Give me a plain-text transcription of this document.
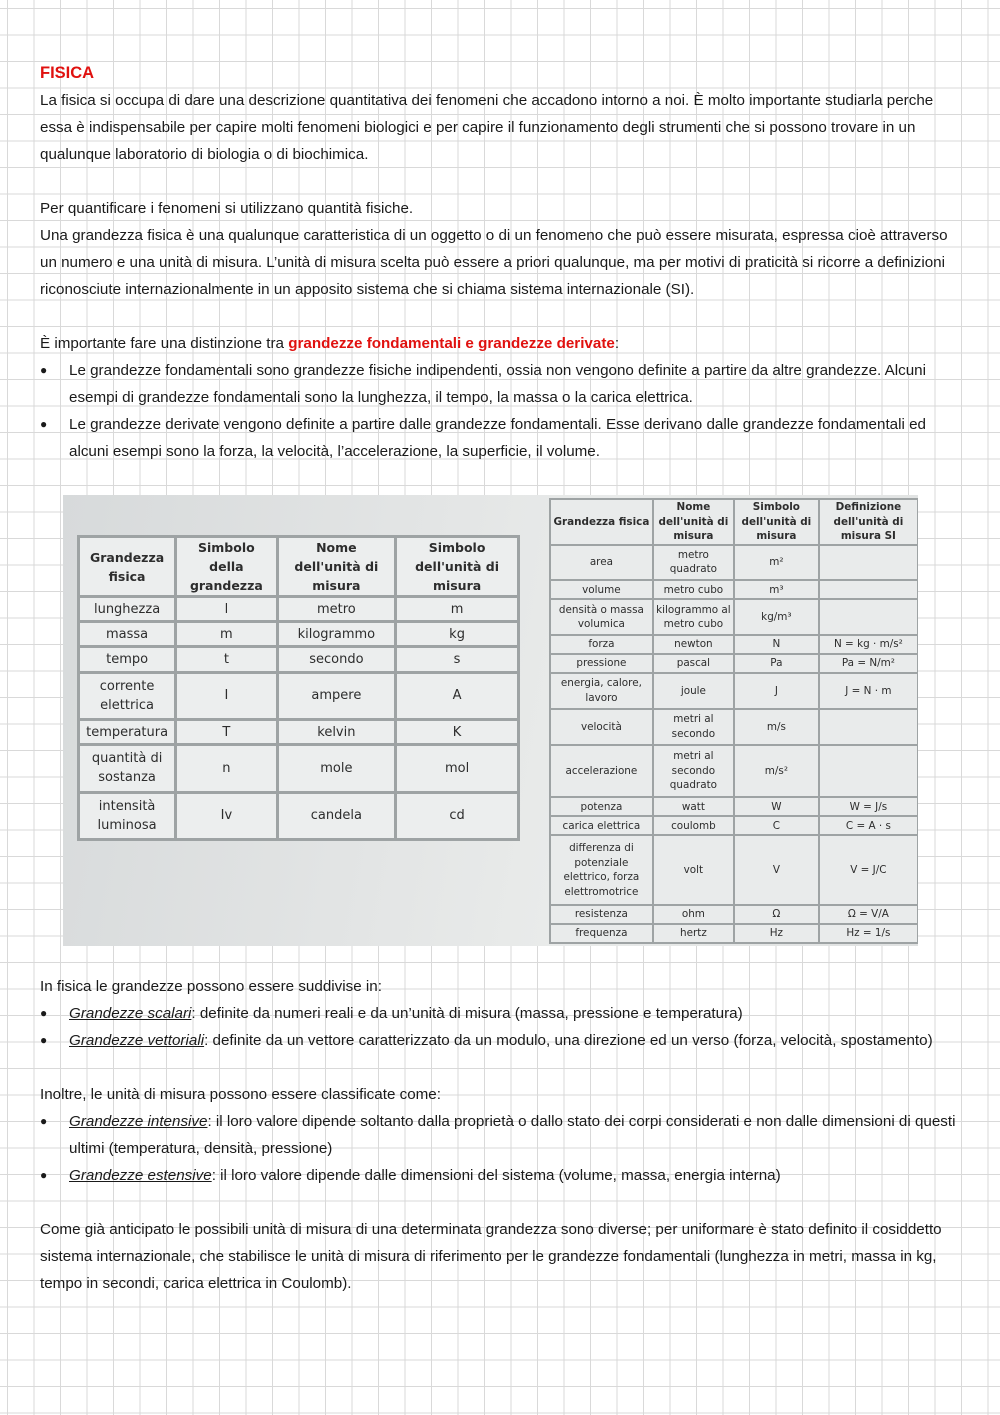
FISICA

La fisica si occupa di dare una descrizione quantitativa dei fenomeni che accadono intorno a noi. È molto importante studiarla perche essa è indispensabile per capire molti fenomeni biologici e per capire il funzionamento degli strumenti che si possono trovare in un qualunque laboratorio di biologia o di biochimica.

Per quantificare i fenomeni si utilizzano quantità fisiche.

Una grandezza fisica è una qualunque caratteristica di un oggetto o di un fenomeno che può essere misurata, espressa cioè attraverso un numero e una unità di misura. L’unità di misura scelta può essere a priori qualunque, ma per motivi di praticità si ricorre a definizioni riconosciute internazionalmente in un apposito sistema che si chiama sistema internazionale (SI).

È importante fare una distinzione tra grandezze fondamentali e grandezze derivate:

● Le grandezze fondamentali sono grandezze fisiche indipendenti, ossia non vengono definite a partire da altre grandezze. Alcuni esempi di grandezze fondamentali sono la lunghezza, il tempo, la massa o la carica elettrica.
● Le grandezze derivate vengono definite a partire dalle grandezze fondamentali. Esse derivano dalle grandezze fondamentali ed alcuni esempi sono la forza, la velocità, l’accelerazione, la superficie, il volume.
Grandezza fisica	Simbolo della grandezza	Nome dell'unità di misura	Simbolo dell'unità di misura
lunghezza	l	metro	m
massa	m	kilogrammo	kg
tempo	t	secondo	s
corrente elettrica	I	ampere	A
temperatura	T	kelvin	K
quantità di sostanza	n	mole	mol
intensità luminosa	Iv	candela	cd
Grandezza fisica	Nome dell'unità di misura	Simbolo dell'unità di misura	Definizione dell'unità di misura SI
area	metro quadrato	m²	
volume	metro cubo	m³	
densità o massa volumica	kilogrammo al metro cubo	kg/m³	
forza	newton	N	N = kg · m/s²
pressione	pascal	Pa	Pa = N/m²
energia, calore, lavoro	joule	J	J = N · m
velocità	metri al secondo	m/s	
accelerazione	metri al secondo quadrato	m/s²	
potenza	watt	W	W = J/s
carica elettrica	coulomb	C	C = A · s
differenza di potenziale elettrico, forza elettromotrice	volt	V	V = J/C
resistenza	ohm	Ω	Ω = V/A
frequenza	hertz	Hz	Hz = 1/s

In fisica le grandezze possono essere suddivise in:

● Grandezze scalari: definite da numeri reali e da un’unità di misura (massa, pressione e temperatura)
● Grandezze vettoriali: definite da un vettore caratterizzato da un modulo, una direzione ed un verso (forza, velocità, spostamento)

Inoltre, le unità di misura possono essere classificate come:

● Grandezze intensive: il loro valore dipende soltanto dalla proprietà o dallo stato dei corpi considerati e non dalle dimensioni di questi ultimi (temperatura, densità, pressione)
● Grandezze estensive: il loro valore dipende dalle dimensioni del sistema (volume, massa, energia interna)

Come già anticipato le possibili unità di misura di una determinata grandezza sono diverse; per uniformare è stato definito il cosiddetto sistema internazionale, che stabilisce le unità di misura di riferimento per le grandezze fondamentali (lunghezza in metri, massa in kg, tempo in secondi, carica elettrica in Coulomb).
